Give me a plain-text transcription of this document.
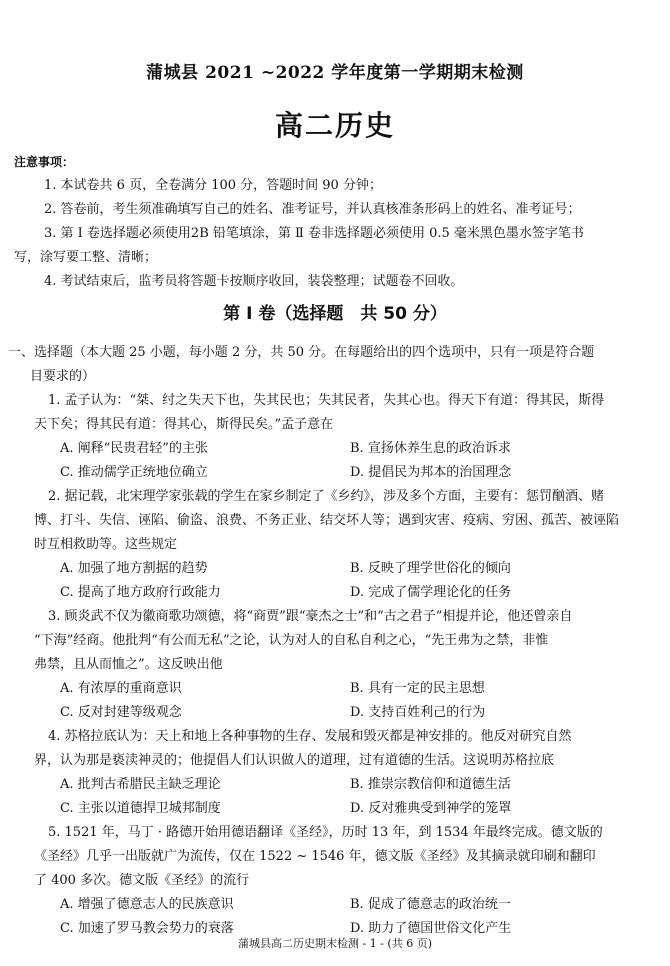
蒲城县 2021 ~2022 学年度第一学期期末检测
高二历史
注意事项：
1. 本试卷共 6 页，全卷满分 100 分，答题时间 90 分钟；
2. 答卷前，考生须准确填写自己的姓名、准考证号，并认真核准条形码上的姓名、准考证号；
3. 第 Ⅰ 卷选择题必须使用2B 铅笔填涂，第 Ⅱ 卷非选择题必须使用 0.5 毫米黑色墨水签字笔书
写，涂写要工整、清晰；
4. 考试结束后，监考员将答题卡按顺序收回，装袋整理；试题卷不回收。
第 Ⅰ 卷（选择题　共 50 分）
一、选择题（本大题 25 小题，每小题 2 分，共 50 分。在每题给出的四个选项中，只有一项是符合题
目要求的）
1. 孟子认为：“桀、纣之失天下也，失其民也；失其民者，失其心也。得天下有道：得其民，斯得
天下矣；得其民有道：得其心，斯得民矣。”孟子意在
A. 阐释“民贵君轻”的主张	B. 宣扬休养生息的政治诉求
C. 推动儒学正统地位确立	D. 提倡民为邦本的治国理念
2. 据记载，北宋理学家张载的学生在家乡制定了《乡约》，涉及多个方面，主要有：惩罚酗酒、赌
博、打斗、失信、诬陷、偷盗、浪费、不务正业、结交坏人等；遇到灾害、疫病、穷困、孤苦、被诬陷
时互相救助等。这些规定
A. 加强了地方割据的趋势	B. 反映了理学世俗化的倾向
C. 提高了地方政府行政能力	D. 完成了儒学理论化的任务
3. 顾炎武不仅为徽商歌功颂德，将“商贾”跟“豪杰之士”和“古之君子”相提并论，他还曾亲自
“下海”经商。他批判“有公而无私”之论，认为对人的自私自利之心，“先王弗为之禁，非惟
弗禁，且从而恤之”。这反映出他
A. 有浓厚的重商意识	B. 具有一定的民主思想
C. 反对封建等级观念	D. 支持百姓利己的行为
4. 苏格拉底认为：天上和地上各种事物的生存、发展和毁灭都是神安排的。他反对研究自然
界，认为那是亵渎神灵的；他提倡人们认识做人的道理，过有道德的生活。这说明苏格拉底
A. 批判古希腊民主缺乏理论	B. 推崇宗教信仰和道德生活
C. 主张以道德捍卫城邦制度	D. 反对雅典受到神学的笼罩
5. 1521 年，马丁 · 路德开始用德语翻译《圣经》，历时 13 年，到 1534 年最终完成。德文版的
《圣经》几乎一出版就广为流传，仅在 1522 ~ 1546 年，德文版《圣经》及其摘录就印刷和翻印
了 400 多次。德文版《圣经》的流行
A. 增强了德意志人的民族意识	B. 促成了德意志的政治统一
C. 加速了罗马教会势力的衰落	D. 助力了德国世俗文化产生
蒲城县高二历史期末检测 - 1 - (共 6 页)
